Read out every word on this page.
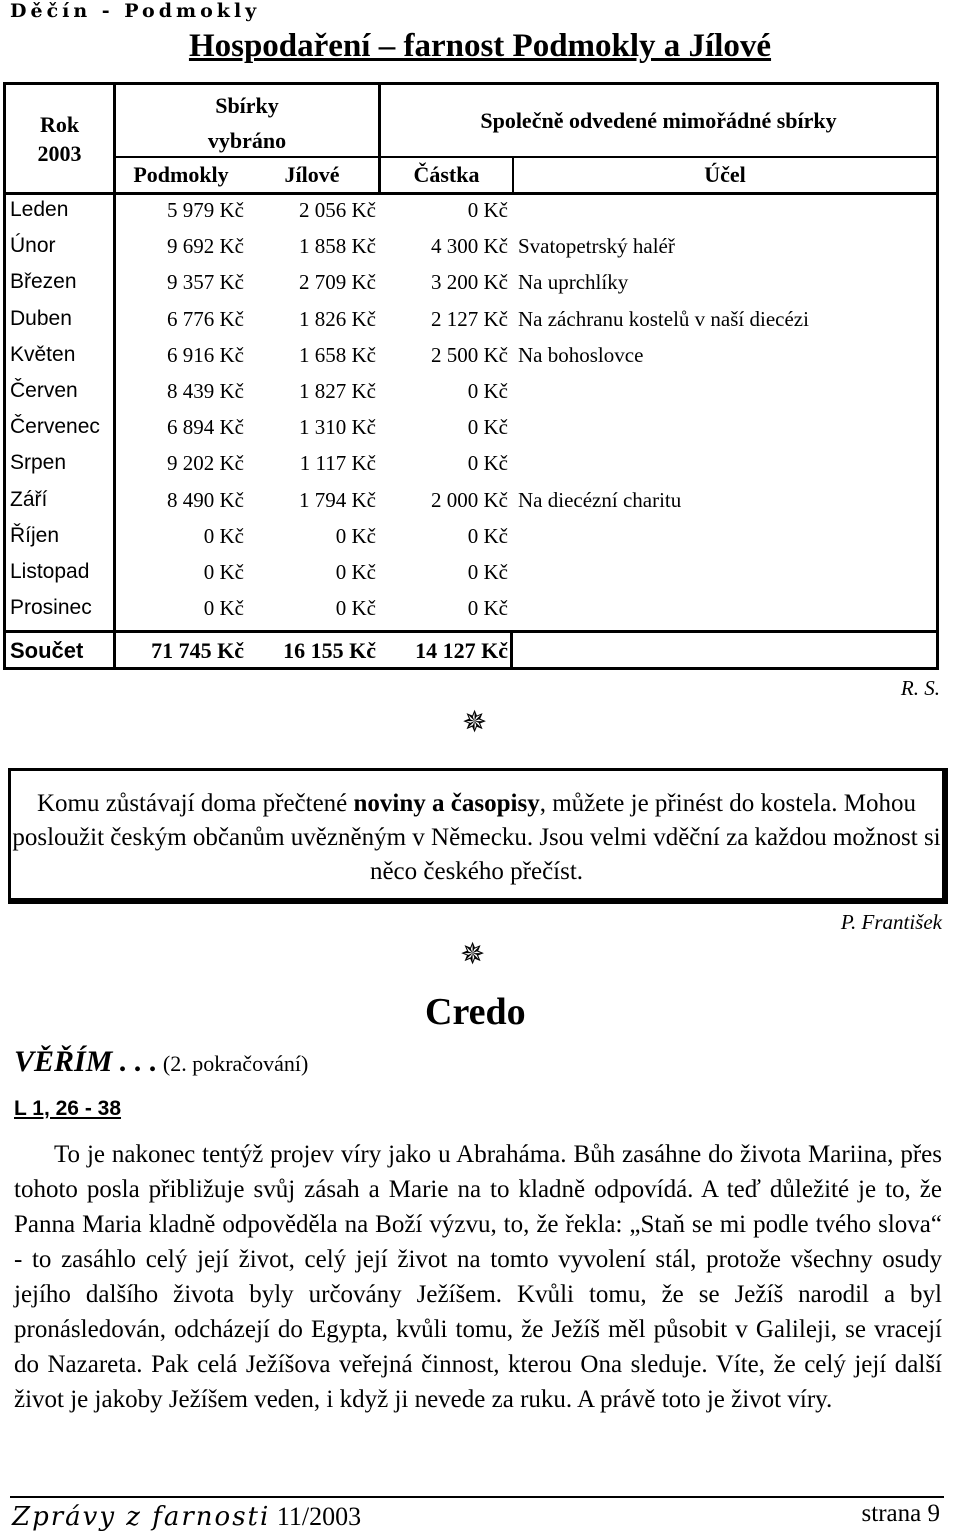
Děčín - Podmokly
Hospodaření – farnost Podmokly a Jílové
Rok
2003
Sbírky
vybráno
Společně odvedené mimořádné sbírky
Podmokly	Jílové	Částka	Účel
Leden	5 979 Kč	2 056 Kč	0 Kč
Únor	9 692 Kč	1 858 Kč	4 300 Kč Svatopetrský haléř
Březen	9 357 Kč	2 709 Kč	3 200 Kč Na uprchlíky
Duben	6 776 Kč	1 826 Kč	2 127 Kč Na záchranu kostelů v naší diecézi
Květen	6 916 Kč	1 658 Kč	2 500 Kč Na bohoslovce
Červen	8 439 Kč	1 827 Kč	0 Kč
Červenec	6 894 Kč	1 310 Kč	0 Kč
Srpen	9 202 Kč	1 117 Kč	0 Kč
Září	8 490 Kč	1 794 Kč	2 000 Kč Na diecézní charitu
Říjen	0 Kč	0 Kč	0 Kč
Listopad	0 Kč	0 Kč	0 Kč
Prosinec	0 Kč	0 Kč	0 Kč
Součet	71 745 Kč	16 155 Kč	14 127 Kč
R. S.
✵
Komu zůstávají doma přečtené noviny a časopisy, můžete je přinést do kostela. Mohou posloužit českým občanům uvězněným v Německu. Jsou velmi vděční za každou možnost si něco českého přečíst.
P. František
✵
Credo
VĚŘÍM . . . (2. pokračování)
L 1, 26 - 38
To je nakonec tentýž projev víry jako u Abraháma. Bůh zasáhne do života Mariina, přes tohoto posla přibližuje svůj zásah a Marie na to kladně odpovídá. A teď důležité je to, že Panna Maria kladně odpověděla na Boží výzvu, to, že řekla: „Staň se mi podle tvého slova“ - to zasáhlo celý její život, celý její život na tomto vyvolení stál, protože všechny osudy jejího dalšího života byly určovány Ježíšem. Kvůli tomu, že se Ježíš narodil a byl pronásledován, odcházejí do Egypta, kvůli tomu, že Ježíš měl působit v Galileji, se vracejí do Nazareta. Pak celá Ježíšova veřejná činnost, kterou Ona sleduje. Víte, že celý její další život je jakoby Ježíšem veden, i když ji nevede za ruku. A právě toto je život víry.
Zprávy z farnosti 11/2003	strana 9
